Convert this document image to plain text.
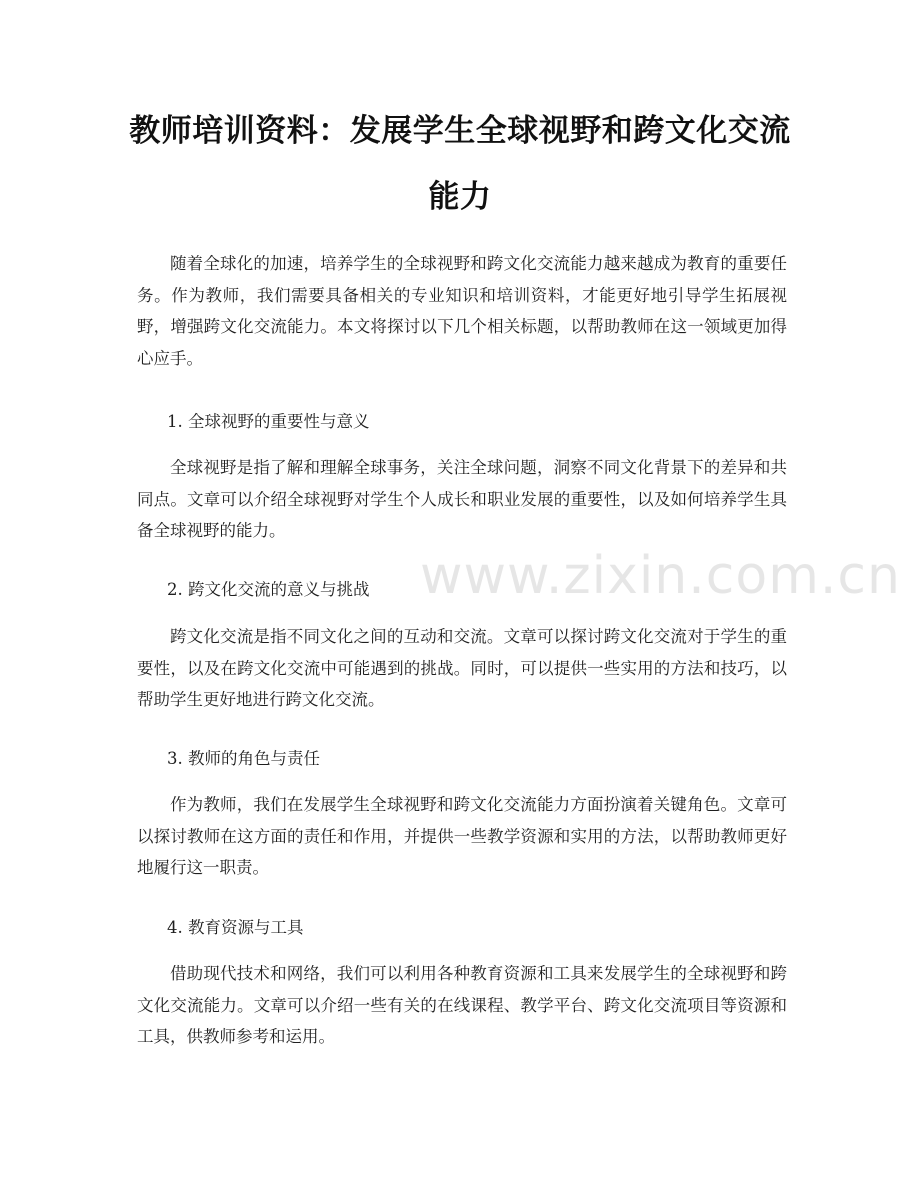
教师培训资料：发展学生全球视野和跨文化交流能力

随着全球化的加速，培养学生的全球视野和跨文化交流能力越来越成为教育的重要任务。作为教师，我们需要具备相关的专业知识和培训资料，才能更好地引导学生拓展视野，增强跨文化交流能力。本文将探讨以下几个相关标题，以帮助教师在这一领域更加得心应手。

1. 全球视野的重要性与意义

全球视野是指了解和理解全球事务，关注全球问题，洞察不同文化背景下的差异和共同点。文章可以介绍全球视野对学生个人成长和职业发展的重要性，以及如何培养学生具备全球视野的能力。

2. 跨文化交流的意义与挑战

跨文化交流是指不同文化之间的互动和交流。文章可以探讨跨文化交流对于学生的重要性，以及在跨文化交流中可能遇到的挑战。同时，可以提供一些实用的方法和技巧，以帮助学生更好地进行跨文化交流。

3. 教师的角色与责任

作为教师，我们在发展学生全球视野和跨文化交流能力方面扮演着关键角色。文章可以探讨教师在这方面的责任和作用，并提供一些教学资源和实用的方法，以帮助教师更好地履行这一职责。

4. 教育资源与工具

借助现代技术和网络，我们可以利用各种教育资源和工具来发展学生的全球视野和跨文化交流能力。文章可以介绍一些有关的在线课程、教学平台、跨文化交流项目等资源和工具，供教师参考和运用。

www.zixin.com.cn
